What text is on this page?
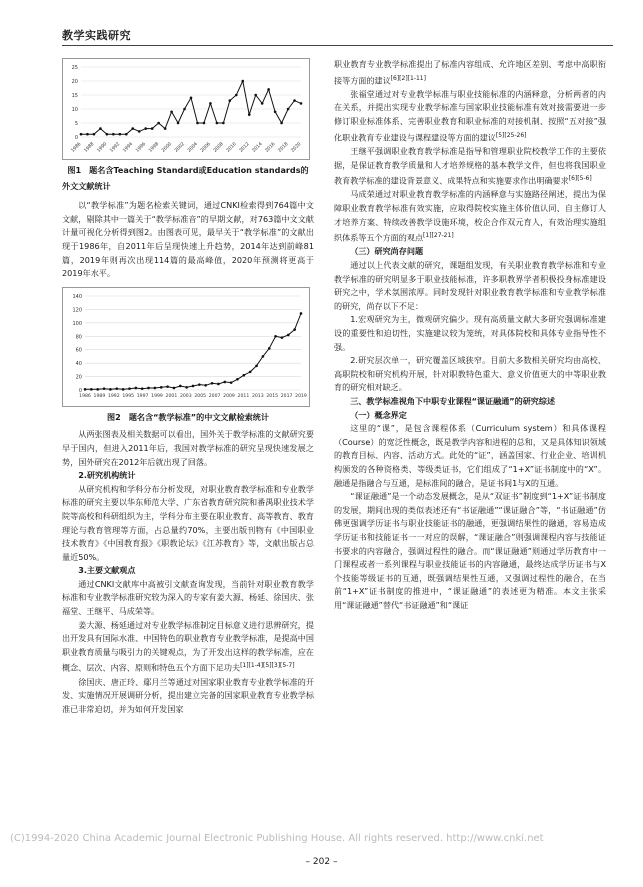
教学实践研究
0
5
10
15
20
25
1986 1988 1990 1992 1994 1996 1998 2000 2002 2004 2006 2008 2010 2012 2014 2016 2018 2020
图1　题名含Teaching Standard或Education standards的
外文文献统计

以“教学标准”为题名检索关键词，通过CNKI检索得到764篇中文文献，剔除其中一篇关于“教学标准音”的早期文献，对763篇中文文献计量可视化分析得到图2。由图表可见，最早关于“教学标准”的文献出现于1986年，自2011年后呈现快速上升趋势，2014年达到前峰81篇，2019年则再次出现114篇的最高峰值，2020年预测将更高于2019年水平。

0
20
40
60
80
100
120
140
1986 1989 1992 1995 1997 1999 2001 2003 2005 2007 2009 2011 2013 2015 2017 2019
图2　题名含“教学标准”的中文文献检索统计

从两张图表及相关数据可以看出，国外关于教学标准的文献研究要早于国内，但进入2011年后，我国对教学标准的研究呈现快速发展之势，国外研究在2012年后就出现了回落。

2.研究机构统计

从研究机构和学科分布分析发现，对职业教育教学标准和专业教学标准的研究主要以华东师范大学、广东省教育研究院和番禺职业技术学院等高校和科研组织为主，学科分布主要在职业教育、高等教育、教育理论与教育管理等方面，占总量约70%，主要出版刊物有《中国职业技术教育》《中国教育报》《职教论坛》《江苏教育》等，文献出版占总量近50%。

3.主要文献观点

通过CNKI文献库中高被引文献查询发现，当前针对职业教育教学标准和专业教学标准研究较为深入的专家有姜大源、杨延、徐国庆、张福堂、王继平、马成荣等。

姜大源、杨延通过对专业教学标准制定目标意义进行思辨研究，提出开发具有国际水准、中国特色的职业教育专业教学标准，是提高中国职业教育质量与吸引力的关键观点，为了开发出这样的教学标准，应在概念、层次、内容、原则和特色五个方面下足功夫[1][1-4][5][3][5-7]

徐国庆、唐正玲、鄢月兰等通过对国家职业教育专业教学标准的开发、实施情况开展调研分析，提出建立完备的国家职业教育专业教学标准已非常迫切，并为如何开发国家

职业教育专业教学标准提出了标准内容组成、允许地区差别、考虑中高职衔接等方面的建议[6][2][1-11]

张福堂通过对专业教学标准与职业技能标准的内涵释意，分析两者的内在关系，并提出实现专业教学标准与国家职业技能标准有效对接需要进一步修订职业标准体系、完善职业教育和职业标准的对接机制、按照“五对接”强化职业教育专业建设与课程建设等方面的建议[5][25-26]

王继平强调职业教育教学标准是指导和管理职业院校教学工作的主要依据，是保证教育教学质量和人才培养规格的基本教学文件，但也将我国职业教育教学标准的建设背景意义、成果特点和实施要求作出明确要求[6][5-6]

马成荣通过对职业教育教学标准的内涵释意与实施路径阐述，提出为保障职业教育教学标准有效实施，应取得院校实施主体价值认同、自主修订人才培养方案、特续改善教学设施环境，校企合作双元育人，有效治理实施组织体系等五个方面的观点[1][27-21]

（三）研究尚存问题

通过以上代表文献的研究，课题组发现，有关职业教育教学标准和专业教学标准的研究明显多于职业技能标准，许多职教界学者积极投身标准建设研究之中，学术氛围浓厚。同时发现针对职业教育教学标准和专业教学标准的研究，尚存以下不足：

1.宏观研究为主，微观研究偏少。现有高质量文献大多研究强调标准建设的重要性和迫切性，实施建议较为笼统，对具体院校和具体专业指导性不强。

2.研究层次单一，研究覆盖区域狭窄。目前大多数相关研究均由高校、高职院校和研究机构开展，针对职教特色重大、意义价值更大的中等职业教育的研究相对缺乏。

三、教学标准视角下中职专业课程“课证融通”的研究综述

（一）概念界定

这里的“课”，是包含课程体系（Curriculum system）和具体课程（Course）的宽泛性概念，既是教学内容和进程的总和，又是具体知识领域的教育目标、内容、活动方式。此处的“证”，涵盖国家、行业企业、培训机构颁发的各种资格类、等级类证书，它们组成了“1+X”证书制度中的“X”。融通是指融合与互通，是标准间的融合，是证书间1与X的互通。

“课证融通”是一个动态发展概念，是从“双证书”制度到“1+X”证书制度的发展，期间出现的类似表述还有“书证融通”“课证融合”等，“书证融通”仿佛更强调学历证书与职业技能证书的融通，更强调结果性的融通，容易造成学历证书和技能证书一一对应的误解，“课证融合”则强调课程内容与技能证书要求的内容融合，强调过程性的融合。而“课证融通”则通过学历教育中一门课程或者一系列课程与职业技能证书的内容融通，最终达成学历证书与X个技能等级证书的互通，既强调结果性互通，又强调过程性的融合，在当前“1+X”证书制度的推进中，“课证融通”的表述更为精准。本文主张采用“课证融通”替代“书证融通”和“课证

(C)1994-2020 China Academic Journal Electronic Publishing House. All rights reserved. http://www.cnki.net
– 202 –
